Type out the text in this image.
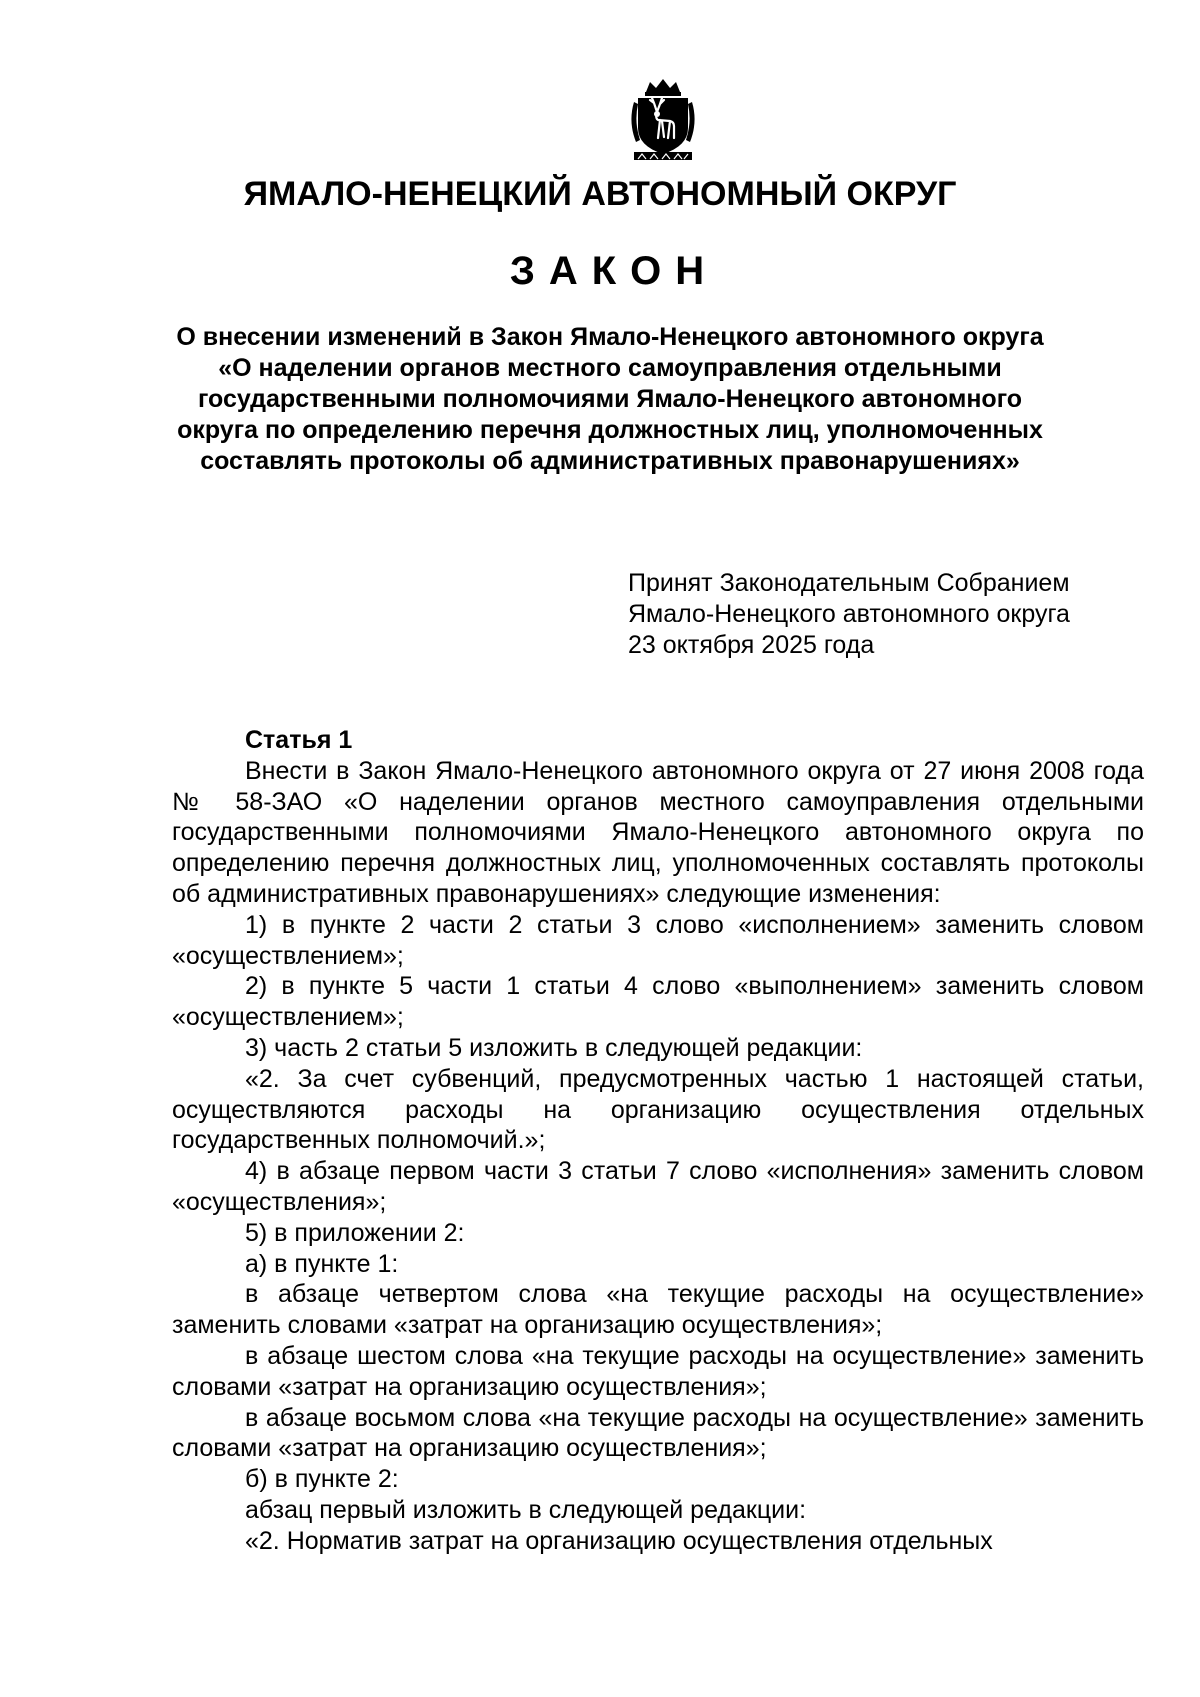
ЯМАЛО-НЕНЕЦКИЙ АВТОНОМНЫЙ ОКРУГ
ЗАКОН
О внесении изменений в Закон Ямало-Ненецкого автономного округа «О наделении органов местного самоуправления отдельными государственными полномочиями Ямало-Ненецкого автономного округа по определению перечня должностных лиц, уполномоченных составлять протоколы об административных правонарушениях»
Принят Законодательным Собранием
Ямало-Ненецкого автономного округа
23 октября 2025 года

Статья 1

Внести в Закон Ямало-Ненецкого автономного округа от 27 июня 2008 года № 58-ЗАО «О наделении органов местного самоуправления отдельными государственными полномочиями Ямало-Ненецкого автономного округа по определению перечня должностных лиц, уполномоченных составлять протоколы об административных правонарушениях» следующие изменения:

1) в пункте 2 части 2 статьи 3 слово «исполнением» заменить словом «осуществлением»;

2) в пункте 5 части 1 статьи 4 слово «выполнением» заменить словом «осуществлением»;

3) часть 2 статьи 5 изложить в следующей редакции:

«2. За счет субвенций, предусмотренных частью 1 настоящей статьи, осуществляются расходы на организацию осуществления отдельных государственных полномочий.»;

4) в абзаце первом части 3 статьи 7 слово «исполнения» заменить словом «осуществления»;

5) в приложении 2:

а) в пункте 1:

в абзаце четвертом слова «на текущие расходы на осуществление» заменить словами «затрат на организацию осуществления»;

в абзаце шестом слова «на текущие расходы на осуществление» заменить словами «затрат на организацию осуществления»;

в абзаце восьмом слова «на текущие расходы на осуществление» заменить словами «затрат на организацию осуществления»;

б) в пункте 2:

абзац первый изложить в следующей редакции:

«2. Норматив затрат на организацию осуществления отдельных
